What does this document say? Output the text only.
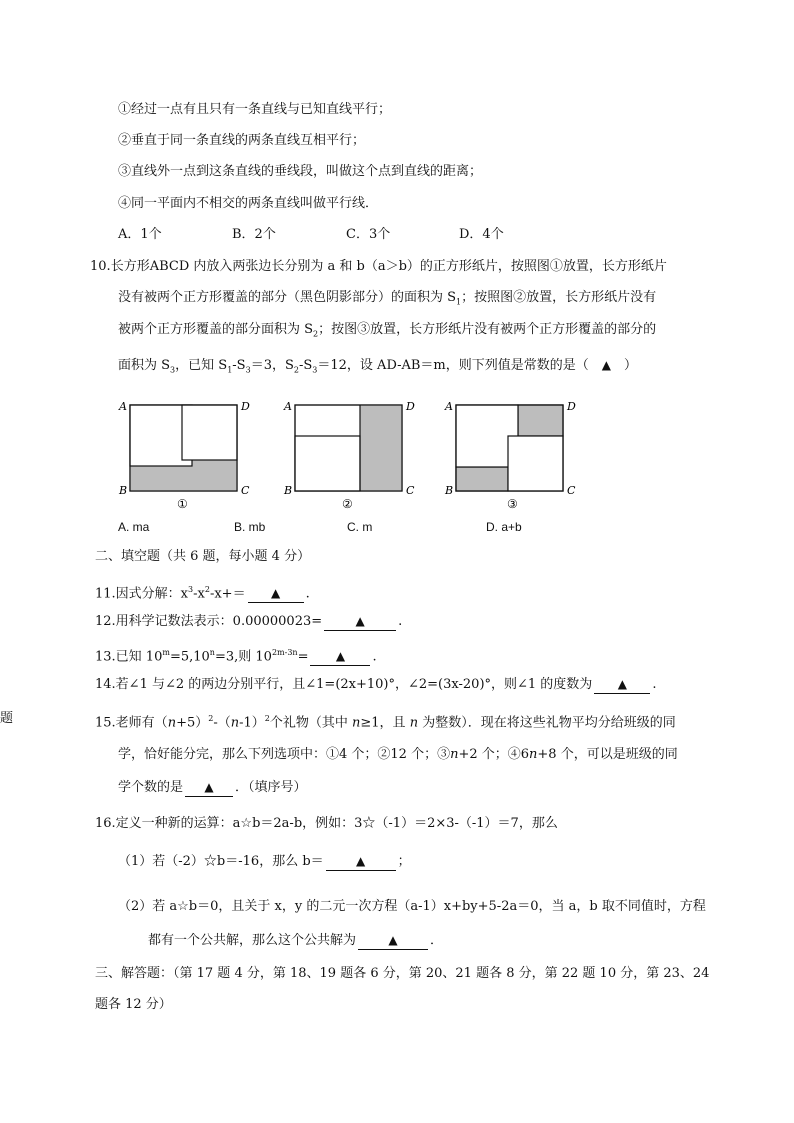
①经过一点有且只有一条直线与已知直线平行；
②垂直于同一条直线的两条直线互相平行；
③直线外一点到这条直线的垂线段，叫做这个点到直线的距离；
④同一平面内不相交的两条直线叫做平行线．
A．1个	B．2个	C．3个	D．4个
10.长方形ABCD 内放入两张边长分别为 a 和 b（a＞b）的正方形纸片，按照图①放置，长方形纸片
没有被两个正方形覆盖的部分（黑色阴影部分）的面积为 $S_1$；按照图②放置，长方形纸片没有
被两个正方形覆盖的部分面积为 $S_2$；按图③放置，长方形纸片没有被两个正方形覆盖的部分的
面积为 $S_3$，已知 $S_1-S_3=3$，$S_2-S_3=12$，设 AD-AB＝m，则下列值是常数的是（　▲　）
A	D
B	C
①
A	D
B	C
②
A	D
B	C
③
A. ma	B. mb	C. m	D. a+b
二、填空题（共 6 题，每小题 4 分）
11.因式分解：$x^3-x^2-x+=$ ▲ .
12.用科学记数法表示：0.00000023=	▲	.
13.已知 $10^m=5,10^n=3$,则 $10^{2m-3n}=$ ▲ .
14.若∠1 与∠2 的两边分别平行，且∠1=(2x+10)°，∠2=(3x-20)°，则∠1 的度数为 ▲ .
题	15.老师有$(n+5)^2-(n-1)^2$个礼物（其中 n≥1，且 n 为整数）．现在将这些礼物平均分给班级的同
学，恰好能分完，那么下列选项中：①4 个；②12 个；③n+2 个；④6n+8 个，可以是班级的同
学个数的是 ▲ ．（填序号）
16.定义一种新的运算：a☆b＝2a-b，例如：3☆（-1）＝2×3-（-1）＝7，那么
（1）若（-2）☆b＝-16，那么 b＝	▲ ；
（2）若 a☆b＝0，且关于 x，y 的二元一次方程（a-1）x+by+5-2a＝0，当 a，b 取不同值时，方程
都有一个公共解，那么这个公共解为	▲ ．
三、解答题：（第 17 题 4 分，第 18、19 题各 6 分，第 20、21 题各 8 分，第 22 题 10 分，第 23、24
题各 12 分）
